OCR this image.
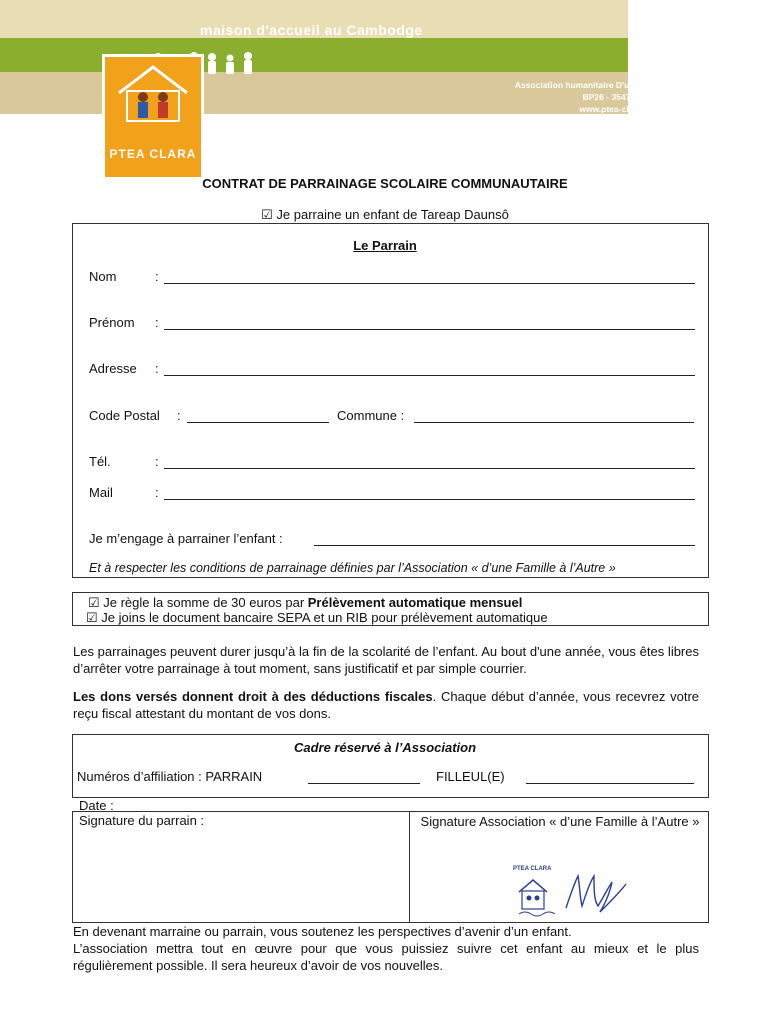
maison d'accueil au Cambodge
Association humanitaire D'une Famille à l'Autre - Ptea Clara
BP26 - 35470 Brétignolles Sur Mer - France
www.ptea-clara.com - ptea-clara@hotmail.fr
PTEA CLARA
CONTRAT DE PARRAINAGE SCOLAIRE COMMUNAUTAIRE
☑ Je parraine un enfant de Tareap Daunsô
Le Parrain
Nom	:
Prénom :
Adresse :
Code Postal :	Commune :
Tél.	:
Mail	:
Je m’engage à parrainer l’enfant :
Et à respecter les conditions de parrainage définies par l’Association « d’une Famille à l’Autre »
☑ Je règle la somme de 30 euros par Prélèvement automatique mensuel
☑ Je joins le document bancaire SEPA et un RIB pour prélèvement automatique
Les parrainages peuvent durer jusqu’à la fin de la scolarité de l’enfant. Au bout d'une année, vous êtes libres d’arrêter votre parrainage à tout moment, sans justificatif et par simple courrier.
Les dons versés donnent droit à des déductions fiscales. Chaque début d’année, vous recevrez votre reçu fiscal attestant du montant de vos dons.
Cadre réservé à l’Association
Numéros d’affiliation : PARRAIN	FILLEUL(E)
Date :
Signature du parrain :	Signature Association « d’une Famille à l’Autre »
PTEA CLARA
En devenant marraine ou parrain, vous soutenez les perspectives d’avenir d’un enfant.
L’association mettra tout en œuvre pour que vous puissiez suivre cet enfant au mieux et le plus régulièrement possible. Il sera heureux d’avoir de vos nouvelles.
